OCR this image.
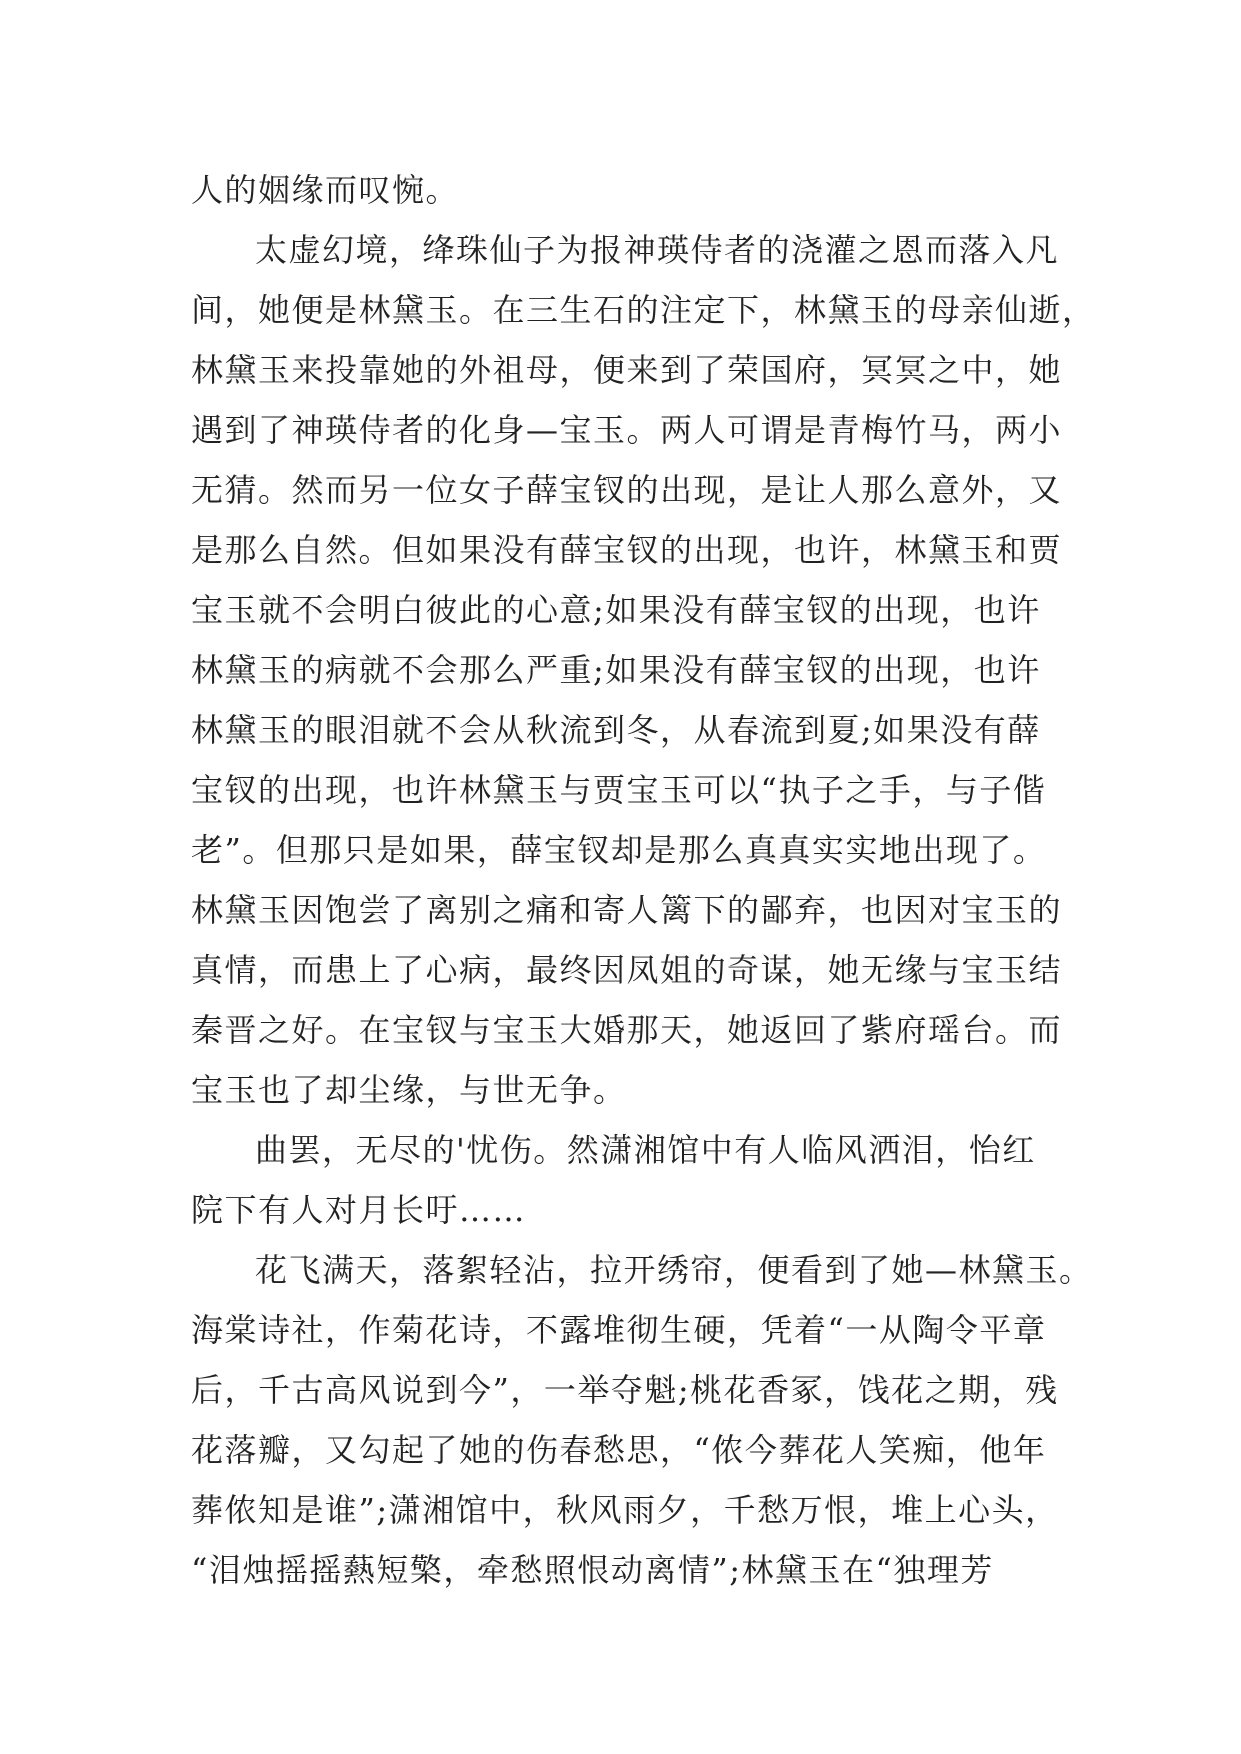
人的姻缘而叹惋。
太虚幻境，绛珠仙子为报神瑛侍者的浇灌之恩而落入凡
间，她便是林黛玉。在三生石的注定下，林黛玉的母亲仙逝，
林黛玉来投靠她的外祖母，便来到了荣国府，冥冥之中，她
遇到了神瑛侍者的化身—宝玉。两人可谓是青梅竹马，两小
无猜。然而另一位女子薛宝钗的出现，是让人那么意外，又
是那么自然。但如果没有薛宝钗的出现，也许，林黛玉和贾
宝玉就不会明白彼此的心意;如果没有薛宝钗的出现，也许
林黛玉的病就不会那么严重;如果没有薛宝钗的出现，也许
林黛玉的眼泪就不会从秋流到冬，从春流到夏;如果没有薛
宝钗的出现，也许林黛玉与贾宝玉可以“执子之手，与子偕
老”。但那只是如果，薛宝钗却是那么真真实实地出现了。
林黛玉因饱尝了离别之痛和寄人篱下的鄙弃，也因对宝玉的
真情，而患上了心病，最终因凤姐的奇谋，她无缘与宝玉结
秦晋之好。在宝钗与宝玉大婚那天，她返回了紫府瑶台。而
宝玉也了却尘缘，与世无争。
曲罢，无尽的'忧伤。然潇湘馆中有人临风洒泪，怡红
院下有人对月长吁……
花飞满天，落絮轻沾，拉开绣帘，便看到了她—林黛玉。
海棠诗社，作菊花诗，不露堆彻生硬，凭着“一从陶令平章
后，千古高风说到今”，一举夺魁;桃花香冢，饯花之期，残
花落瓣，又勾起了她的伤春愁思，“侬今葬花人笑痴，他年
葬侬知是谁”;潇湘馆中，秋风雨夕，千愁万恨，堆上心头，
“泪烛摇摇爇短檠，牵愁照恨动离情”;林黛玉在“独理芳
